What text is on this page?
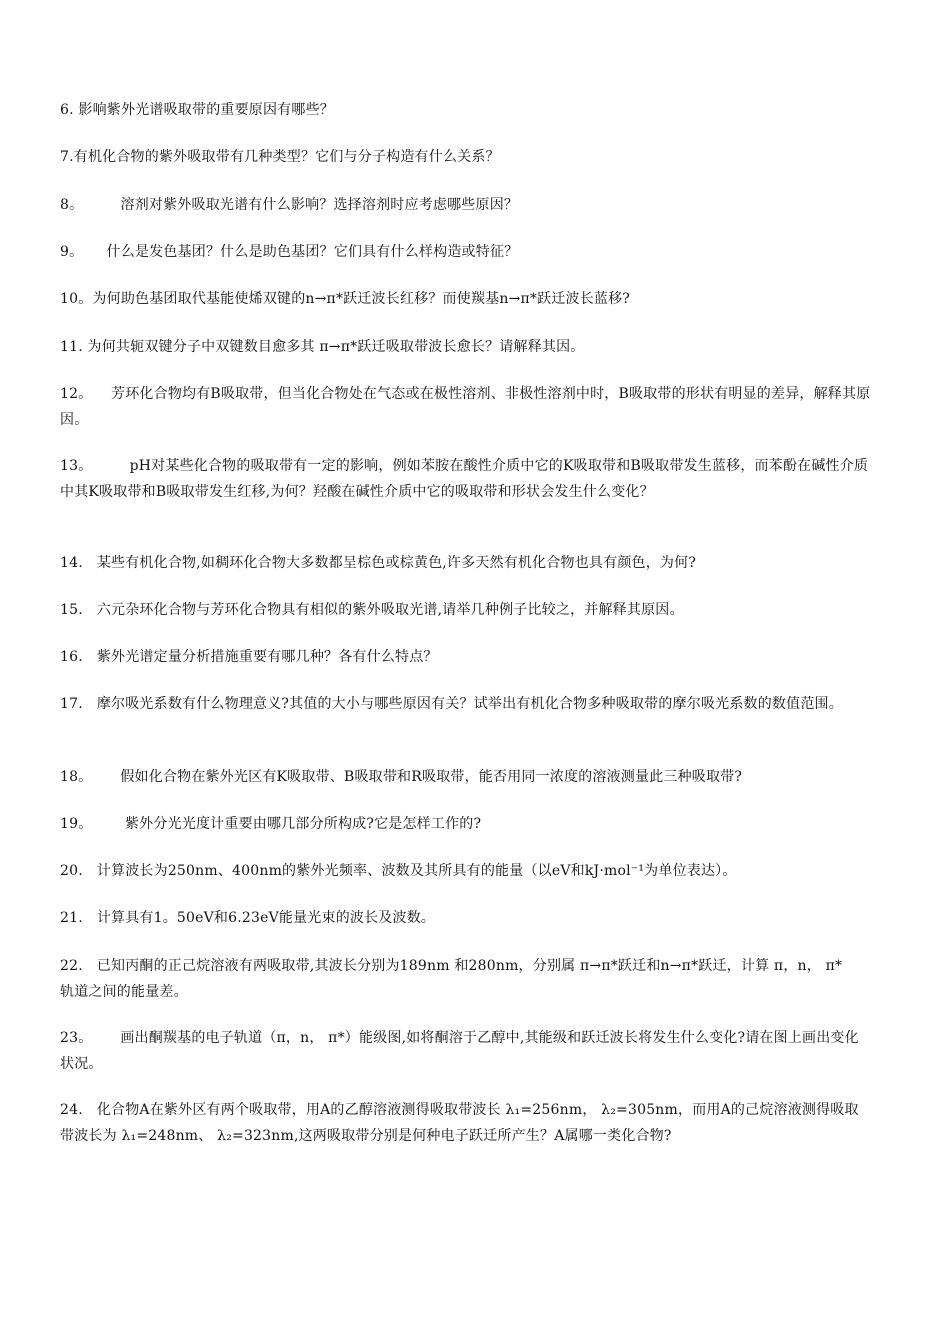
6. 影响紫外光谱吸取带的重要原因有哪些？
7.有机化合物的紫外吸取带有几种类型？它们与分子构造有什么关系？
8。        溶剂对紫外吸取光谱有什么影响？选择溶剂时应考虑哪些原因？
9。     什么是发色基团？什么是助色基团？它们具有什么样构造或特征？
10。为何助色基团取代基能使烯双键的n→π*跃迁波长红移？而使羰基n→π*跃迁波长蓝移?
11. 为何共轭双键分子中双键数目愈多其 π→π*跃迁吸取带波长愈长？请解释其因。
12。    芳环化合物均有B吸取带，但当化合物处在气态或在极性溶剂、非极性溶剂中时，B吸取带的形状有明显的差异，解释其原因。
13。        pH对某些化合物的吸取带有一定的影响，例如苯胺在酸性介质中它的K吸取带和B吸取带发生蓝移，而苯酚在碱性介质中其K吸取带和B吸取带发生红移,为何？羟酸在碱性介质中它的吸取带和形状会发生什么变化？
14.   某些有机化合物,如稠环化合物大多数都呈棕色或棕黄色,许多天然有机化合物也具有颜色，为何?
15.   六元杂环化合物与芳环化合物具有相似的紫外吸取光谱,请举几种例子比较之，并解释其原因。
16.   紫外光谱定量分析措施重要有哪几种？各有什么特点？
17.   摩尔吸光系数有什么物理意义?其值的大小与哪些原因有关？试举出有机化合物多种吸取带的摩尔吸光系数的数值范围。
18。      假如化合物在紫外光区有K吸取带、B吸取带和R吸取带，能否用同一浓度的溶液测量此三种吸取带?
19。       紫外分光光度计重要由哪几部分所构成?它是怎样工作的?
20.   计算波长为250nm、400nm的紫外光频率、波数及其所具有的能量（以eV和kJ·mol⁻¹为单位表达）。
21.   计算具有1。50eV和6.23eV能量光束的波长及波数。
22.   已知丙酮的正己烷溶液有两吸取带,其波长分别为189nm 和280nm，分别属 π→π*跃迁和n→π*跃迁，计算 π，n， π*    轨道之间的能量差。
23。      画出酮羰基的电子轨道（π，n， π*）能级图,如将酮溶于乙醇中,其能级和跃迁波长将发生什么变化?请在图上画出变化状况。
24.   化合物A在紫外区有两个吸取带，用A的乙醇溶液测得吸取带波长 λ₁=256nm， λ₂=305nm，而用A的己烷溶液测得吸取带波长为 λ₁=248nm、 λ₂=323nm,这两吸取带分别是何种电子跃迁所产生？A属哪一类化合物?
